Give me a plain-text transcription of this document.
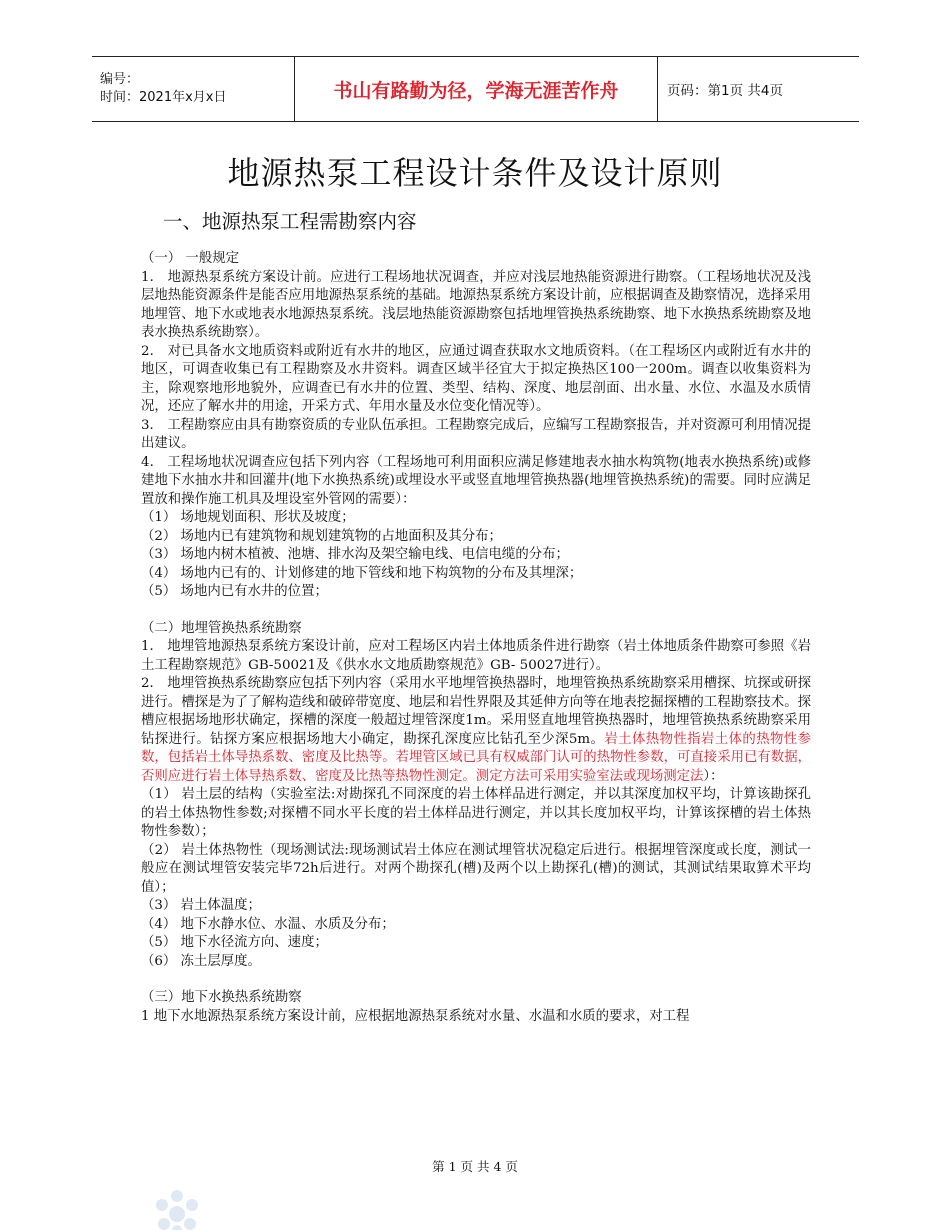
编号：
时间：2021年x月x日	书山有路勤为径，学海无涯苦作舟	页码：第1页 共4页
地源热泵工程设计条件及设计原则
一、地源热泵工程需勘察内容

（一） 一般规定

1． 地源热泵系统方案设计前。应进行工程场地状况调查，并应对浅层地热能资源进行勘察。（工程场地状况及浅层地热能资源条件是能否应用地源热泵系统的基础。地源热泵系统方案设计前，应根据调查及勘察情况，选择采用地埋管、地下水或地表水地源热泵系统。浅层地热能资源勘察包括地埋管换热系统勘察、地下水换热系统勘察及地表水换热系统勘察）。

2． 对已具备水文地质资料或附近有水井的地区，应通过调查获取水文地质资料。（在工程场区内或附近有水井的地区，可调查收集已有工程勘察及水井资料。调查区域半径宜大于拟定换热区100一200m。调查以收集资料为主，除观察地形地貌外，应调查已有水井的位置、类型、结构、深度、地层剖面、出水量、水位、水温及水质情况，还应了解水井的用途，开采方式、年用水量及水位变化情况等）。

3． 工程勘察应由具有勘察资质的专业队伍承担。工程勘察完成后，应编写工程勘察报告，并对资源可利用情况提出建议。

4． 工程场地状况调查应包括下列内容（工程场地可利用面积应满足修建地表水抽水构筑物(地表水换热系统)或修建地下水抽水井和回灌井(地下水换热系统)或埋设水平或竖直地埋管换热器(地埋管换热系统)的需要。同时应满足置放和操作施工机具及埋设室外管网的需要）：

（1） 场地规划面积、形状及坡度；

（2） 场地内已有建筑物和规划建筑物的占地面积及其分布；

（3） 场地内树木植被、池塘、排水沟及架空输电线、电信电缆的分布；

（4） 场地内已有的、计划修建的地下管线和地下构筑物的分布及其埋深；

（5） 场地内已有水井的位置；

（二）地埋管换热系统勘察

1． 地埋管地源热泵系统方案设计前，应对工程场区内岩土体地质条件进行勘察（岩土体地质条件勘察可参照《岩土工程勘察规范》GB-50021及《供水水文地质勘察规范》GB- 50027进行）。

2． 地埋管换热系统勘察应包括下列内容（采用水平地埋管换热器时，地埋管换热系统勘察采用槽探、坑探或研探进行。槽探是为了了解构造线和破碎带宽度、地层和岩性界限及其延伸方向等在地表挖掘探槽的工程勘察技术。探槽应根据场地形状确定，探槽的深度一般超过埋管深度1m。采用竖直地埋管换热器时，地埋管换热系统勘察采用钻探进行。钻探方案应根据场地大小确定，勘探孔深度应比钻孔至少深5m。岩土体热物性指岩土体的热物性参数，包括岩土体导热系数、密度及比热等。若埋管区域已具有权威部门认可的热物性参数，可直接采用已有数据，否则应进行岩土体导热系数、密度及比热等热物性测定。测定方法可采用实验室法或现场测定法）：

（1） 岩土层的结构（实验室法:对勘探孔不同深度的岩土体样品进行测定，并以其深度加权平均，计算该勘探孔的岩土体热物性参数;对探槽不同水平长度的岩土体样品进行测定，并以其长度加权平均，计算该探槽的岩土体热物性参数）；

（2） 岩土体热物性（现场测试法:现场测试岩土体应在测试埋管状况稳定后进行。根据埋管深度或长度，测试一般应在测试埋管安装完毕72h后进行。对两个勘探孔(槽)及两个以上勘探孔(槽)的测试，其测试结果取算术平均值）；

（3） 岩土体温度；

（4） 地下水静水位、水温、水质及分布；

（5） 地下水径流方向、速度；

（6） 冻土层厚度。

（三）地下水换热系统勘察

1 地下水地源热泵系统方案设计前，应根据地源热泵系统对水量、水温和水质的要求，对工程

第 1 页 共 4 页
